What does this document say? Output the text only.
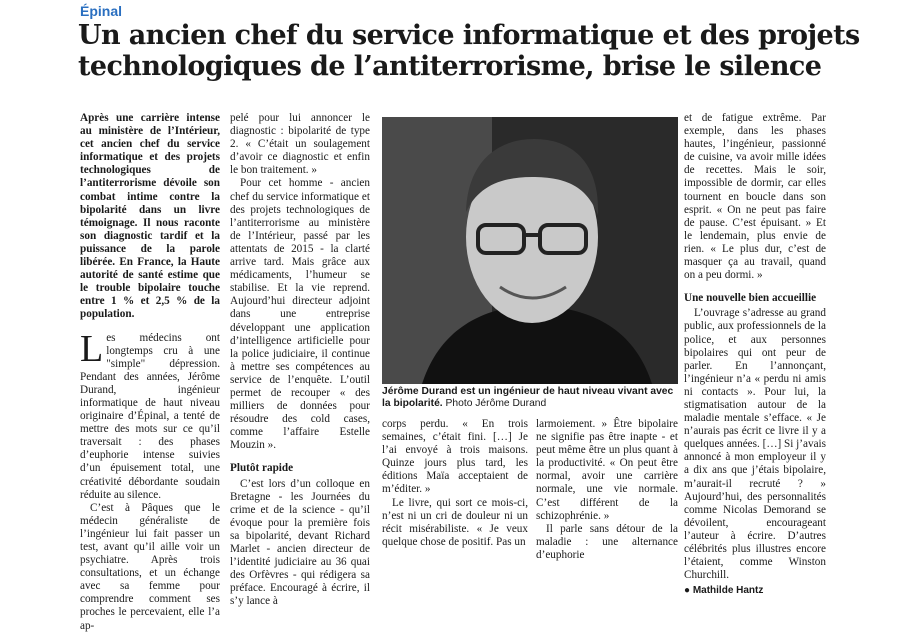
Épinal
Un ancien chef du service informatique et des projets technologiques de l’antiterrorisme, brise le silence

Après une carrière intense au ministère de l’Intérieur, cet ancien chef du service informatique et des projets technologiques de l’antiterrorisme dévoile son combat intime contre la bipolarité dans un livre témoignage. Il nous raconte son diagnostic tardif et la puissance de la parole libérée. En France, la Haute autorité de santé estime que le trouble bipolaire touche entre 1 % et 2,5 % de la population.

Les médecins ont longtemps cru à une "simple" dépression. Pendant des années, Jérôme Durand, ingénieur informatique de haut niveau originaire d’Épinal, a tenté de mettre des mots sur ce qu’il traversait : des phases d’euphorie intense suivies d’un épuisement total, une créativité débordante soudain réduite au silence.

C’est à Pâques que le médecin généraliste de l’ingénieur lui fait passer un test, avant qu’il aille voir un psychiatre. Après trois consultations, et un échange avec sa femme pour comprendre comment ses proches le percevaient, elle l’a ap-

pelé pour lui annoncer le diagnostic : bipolarité de type 2. « C’était un soulagement d’avoir ce diagnostic et enfin le bon traitement. »

Pour cet homme - ancien chef du service informatique et des projets technologiques de l’antiterrorisme au ministère de l’Intérieur, passé par les attentats de 2015 - la clarté arrive tard. Mais grâce aux médicaments, l’humeur se stabilise. Et la vie reprend. Aujourd’hui directeur adjoint dans une entreprise développant une application d’intelligence artificielle pour la police judiciaire, il continue à mettre ses compétences au service de l’enquête. L’outil permet de recouper « des milliers de données pour résoudre des cold cases, comme l’affaire Estelle Mouzin ».

Plutôt rapide

C’est lors d’un colloque en Bretagne - les Journées du crime et de la science - qu’il évoque pour la première fois sa bipolarité, devant Richard Marlet - ancien directeur de l’identité judiciaire au 36 quai des Orfèvres - qui rédigera sa préface. Encouragé à écrire, il s’y lance à

Jérôme Durand est un ingénieur de haut niveau vivant avec la bipolarité. Photo Jérôme Durand

corps perdu. « En trois semaines, c’était fini. […] Je l’ai envoyé à trois maisons. Quinze jours plus tard, les éditions Maïa acceptaient de m’éditer. »

Le livre, qui sort ce mois-ci, n’est ni un cri de douleur ni un récit misérabiliste. « Je veux quelque chose de positif. Pas un

larmoiement. » Être bipolaire ne signifie pas être inapte - et peut même être un plus quant à la productivité. « On peut être normal, avoir une carrière normale, une vie normale. C’est différent de la schizophrénie. »

Il parle sans détour de la maladie : une alternance d’euphorie

et de fatigue extrême. Par exemple, dans les phases hautes, l’ingénieur, passionné de cuisine, va avoir mille idées de recettes. Mais le soir, impossible de dormir, car elles tournent en boucle dans son esprit. « On ne peut pas faire de pause. C’est épuisant. » Et le lendemain, plus envie de rien. « Le plus dur, c’est de masquer ça au travail, quand on a peu dormi. »

Une nouvelle bien accueillie

L’ouvrage s’adresse au grand public, aux professionnels de la police, et aux personnes bipolaires qui ont peur de parler. En l’annonçant, l’ingénieur n’a « perdu ni amis ni contacts ». Pour lui, la stigmatisation autour de la maladie mentale s’efface. « Je n’aurais pas écrit ce livre il y a quelques années. […] Si j’avais annoncé à mon employeur il y a dix ans que j’étais bipolaire, m’aurait-il recruté ? » Aujourd’hui, des personnalités comme Nicolas Demorand se dévoilent, encourageant l’auteur à écrire. D’autres célébrités plus illustres encore l’étaient, comme Winston Churchill.

● Mathilde Hantz
